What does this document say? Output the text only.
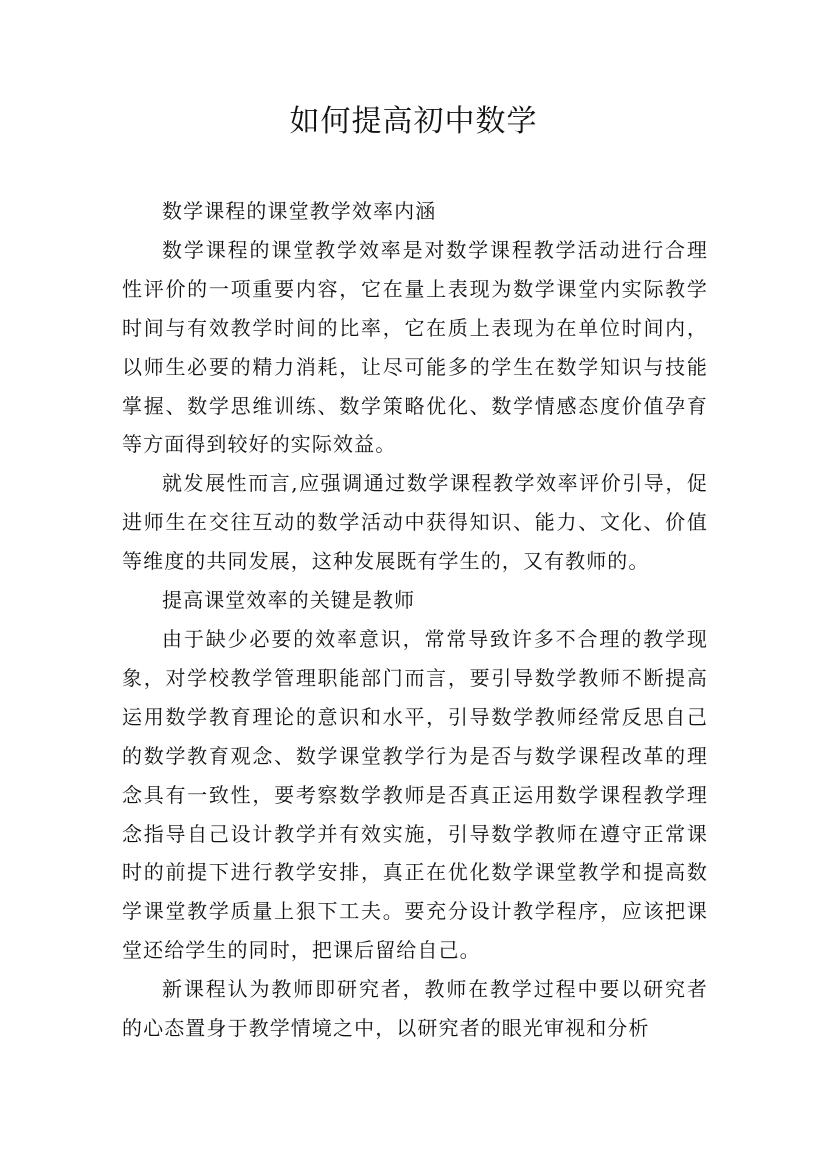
如何提高初中数学

数学课程的课堂教学效率内涵

数学课程的课堂教学效率是对数学课程教学活动进行合理性评价的一项重要内容，它在量上表现为数学课堂内实际教学时间与有效教学时间的比率，它在质上表现为在单位时间内，以师生必要的精力消耗，让尽可能多的学生在数学知识与技能掌握、数学思维训练、数学策略优化、数学情感态度价值孕育等方面得到较好的实际效益。

就发展性而言,应强调通过数学课程教学效率评价引导，促进师生在交往互动的数学活动中获得知识、能力、文化、价值等维度的共同发展，这种发展既有学生的，又有教师的。

提高课堂效率的关键是教师

由于缺少必要的效率意识，常常导致许多不合理的教学现象，对学校教学管理职能部门而言，要引导数学教师不断提高运用数学教育理论的意识和水平，引导数学教师经常反思自己的数学教育观念、数学课堂教学行为是否与数学课程改革的理念具有一致性，要考察数学教师是否真正运用数学课程教学理念指导自己设计教学并有效实施，引导数学教师在遵守正常课时的前提下进行教学安排，真正在优化数学课堂教学和提高数学课堂教学质量上狠下工夫。要充分设计教学程序，应该把课堂还给学生的同时，把课后留给自己。

新课程认为教师即研究者，教师在教学过程中要以研究者的心态置身于教学情境之中，以研究者的眼光审视和分析
